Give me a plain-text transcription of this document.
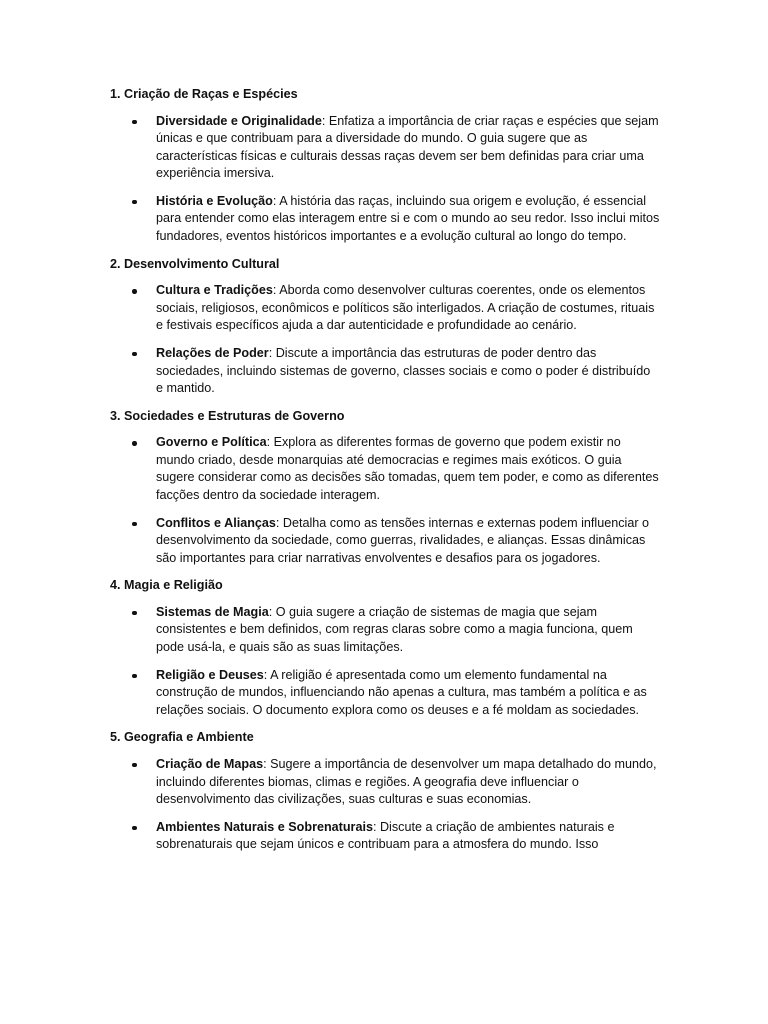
1. Criação de Raças e Espécies
Diversidade e Originalidade: Enfatiza a importância de criar raças e espécies que sejam únicas e que contribuam para a diversidade do mundo. O guia sugere que as características físicas e culturais dessas raças devem ser bem definidas para criar uma experiência imersiva.
História e Evolução: A história das raças, incluindo sua origem e evolução, é essencial para entender como elas interagem entre si e com o mundo ao seu redor. Isso inclui mitos fundadores, eventos históricos importantes e a evolução cultural ao longo do tempo.
2. Desenvolvimento Cultural
Cultura e Tradições: Aborda como desenvolver culturas coerentes, onde os elementos sociais, religiosos, econômicos e políticos são interligados. A criação de costumes, rituais e festivais específicos ajuda a dar autenticidade e profundidade ao cenário.
Relações de Poder: Discute a importância das estruturas de poder dentro das sociedades, incluindo sistemas de governo, classes sociais e como o poder é distribuído e mantido.
3. Sociedades e Estruturas de Governo
Governo e Política: Explora as diferentes formas de governo que podem existir no mundo criado, desde monarquias até democracias e regimes mais exóticos. O guia sugere considerar como as decisões são tomadas, quem tem poder, e como as diferentes facções dentro da sociedade interagem.
Conflitos e Alianças: Detalha como as tensões internas e externas podem influenciar o desenvolvimento da sociedade, como guerras, rivalidades, e alianças. Essas dinâmicas são importantes para criar narrativas envolventes e desafios para os jogadores.
4. Magia e Religião
Sistemas de Magia: O guia sugere a criação de sistemas de magia que sejam consistentes e bem definidos, com regras claras sobre como a magia funciona, quem pode usá-la, e quais são as suas limitações.
Religião e Deuses: A religião é apresentada como um elemento fundamental na construção de mundos, influenciando não apenas a cultura, mas também a política e as relações sociais. O documento explora como os deuses e a fé moldam as sociedades.
5. Geografia e Ambiente
Criação de Mapas: Sugere a importância de desenvolver um mapa detalhado do mundo, incluindo diferentes biomas, climas e regiões. A geografia deve influenciar o desenvolvimento das civilizações, suas culturas e suas economias.
Ambientes Naturais e Sobrenaturais: Discute a criação de ambientes naturais e sobrenaturais que sejam únicos e contribuam para a atmosfera do mundo. Isso
